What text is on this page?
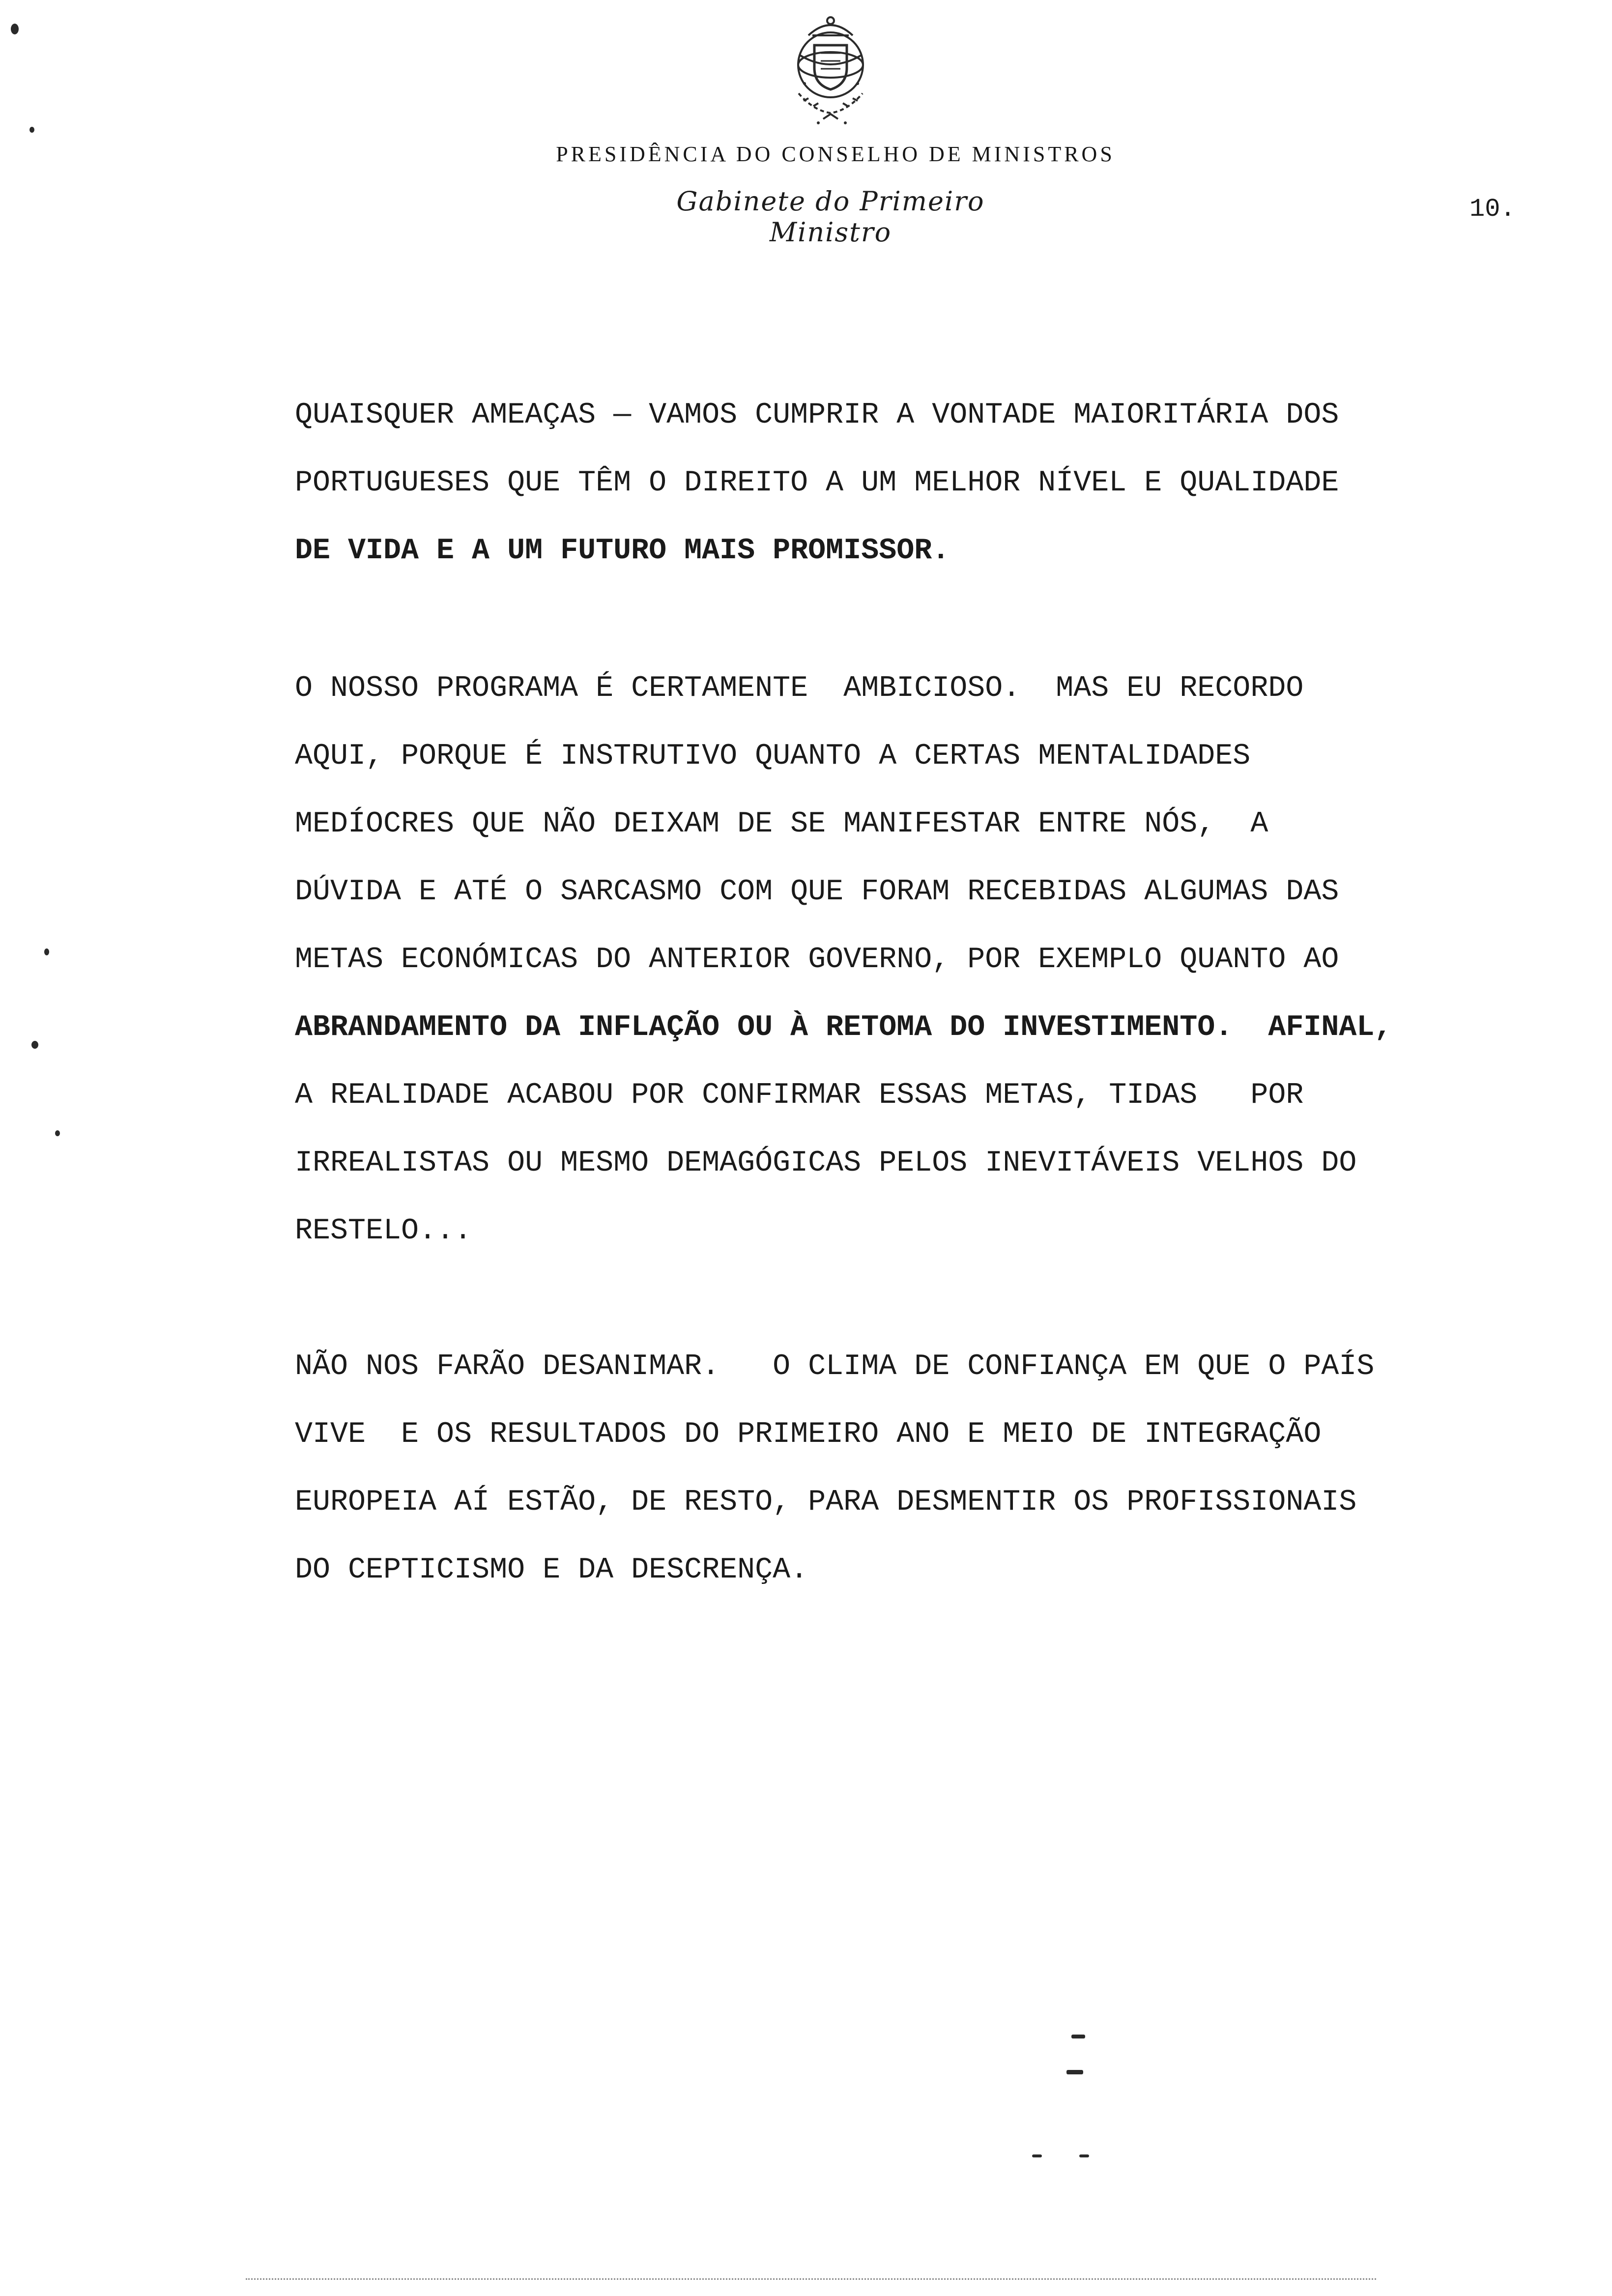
PRESIDÊNCIA DO CONSELHO DE MINISTROS
Gabinete do Primeiro Ministro
10.
QUAISQUER AMEAÇAS — VAMOS CUMPRIR A VONTADE MAIORITÁRIA DOS
PORTUGUESES QUE TÊM O DIREITO A UM MELHOR NÍVEL E QUALIDADE
DE VIDA E A UM FUTURO MAIS PROMISSOR.
O NOSSO PROGRAMA É CERTAMENTE  AMBICIOSO.  MAS EU RECORDO
AQUI, PORQUE É INSTRUTIVO QUANTO A CERTAS MENTALIDADES
MEDÍOCRES QUE NÃO DEIXAM DE SE MANIFESTAR ENTRE NÓS,  A
DÚVIDA E ATÉ O SARCASMO COM QUE FORAM RECEBIDAS ALGUMAS DAS
METAS ECONÓMICAS DO ANTERIOR GOVERNO, POR EXEMPLO QUANTO AO
ABRANDAMENTO DA INFLAÇÃO OU À RETOMA DO INVESTIMENTO.  AFINAL,
A REALIDADE ACABOU POR CONFIRMAR ESSAS METAS, TIDAS   POR
IRREALISTAS OU MESMO DEMAGÓGICAS PELOS INEVITÁVEIS VELHOS DO
RESTELO...
NÃO NOS FARÃO DESANIMAR.   O CLIMA DE CONFIANÇA EM QUE O PAÍS
VIVE  E OS RESULTADOS DO PRIMEIRO ANO E MEIO DE INTEGRAÇÃO
EUROPEIA AÍ ESTÃO, DE RESTO, PARA DESMENTIR OS PROFISSIONAIS
DO CEPTICISMO E DA DESCRENÇA.
